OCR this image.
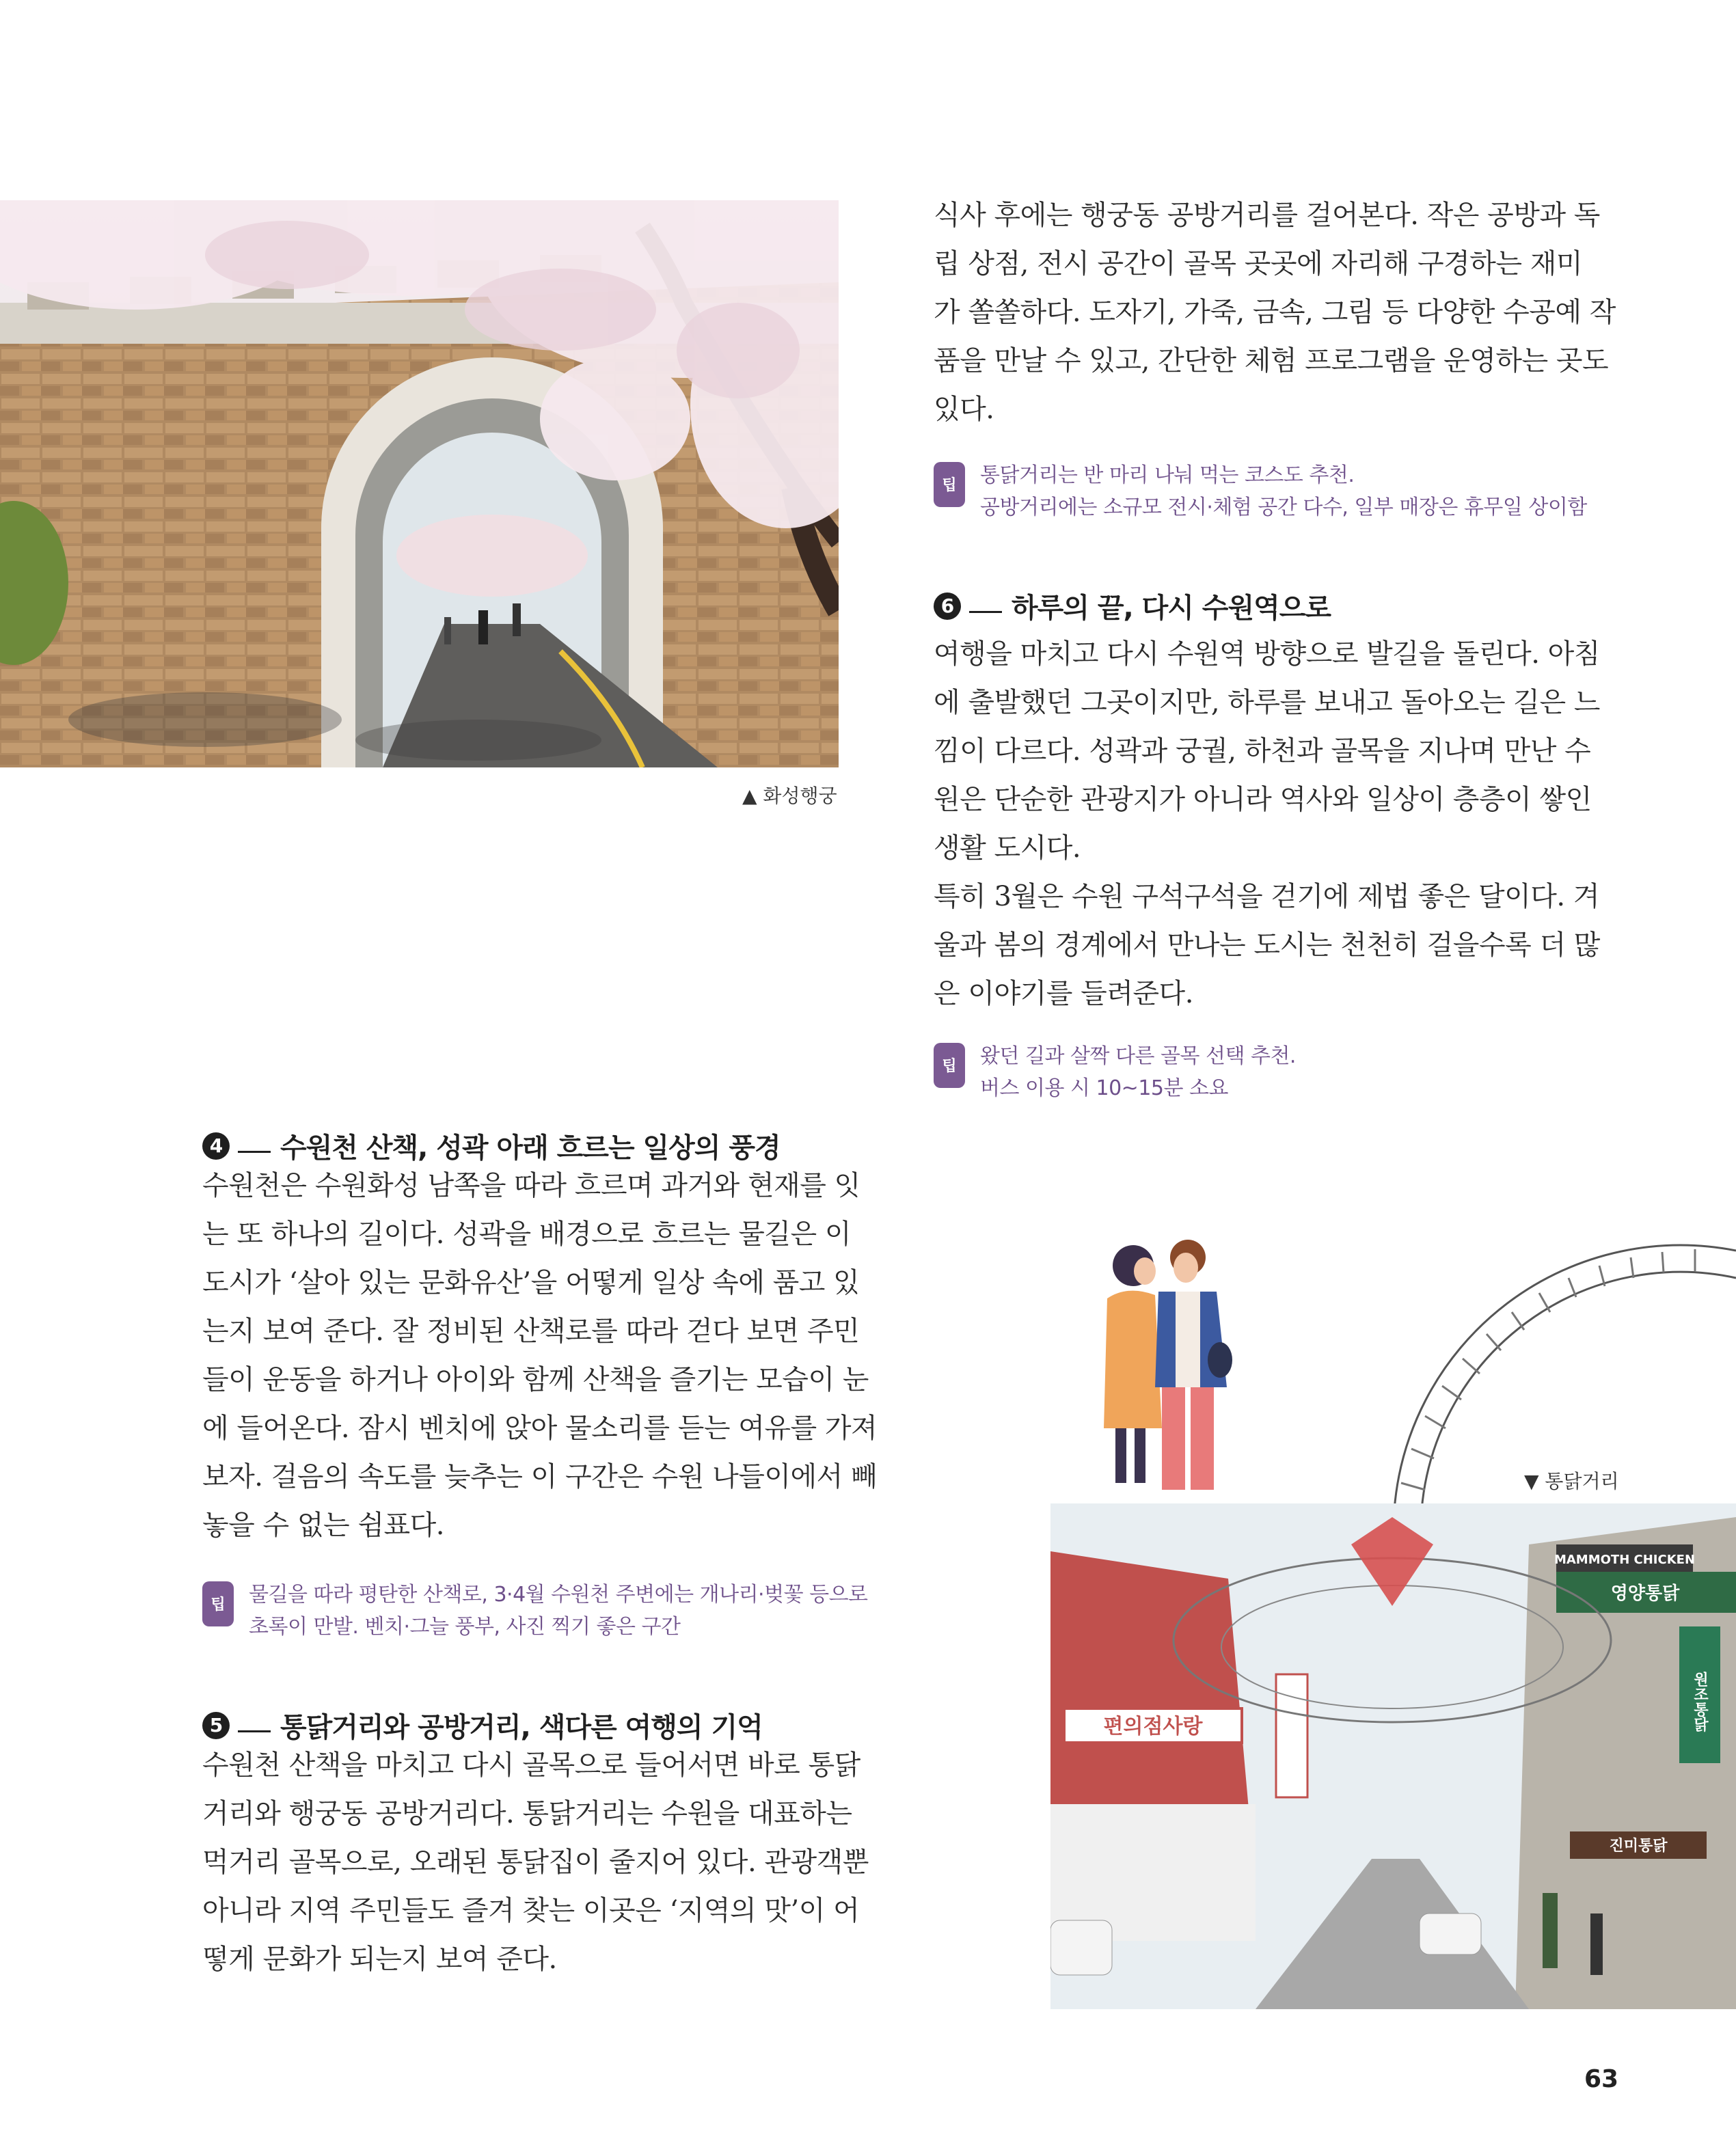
▲ 화성행궁
식사 후에는 행궁동 공방거리를 걸어본다. 작은 공방과 독
립 상점, 전시 공간이 골목 곳곳에 자리해 구경하는 재미
가 쏠쏠하다. 도자기, 가죽, 금속, 그림 등 다양한 수공예 작
품을 만날 수 있고, 간단한 체험 프로그램을 운영하는 곳도
있다.
팁 통닭거리는 반 마리 나눠 먹는 코스도 추천.
공방거리에는 소규모 전시·체험 공간 다수, 일부 매장은 휴무일 상이함
6 하루의 끝, 다시 수원역으로
여행을 마치고 다시 수원역 방향으로 발길을 돌린다. 아침
에 출발했던 그곳이지만, 하루를 보내고 돌아오는 길은 느
낌이 다르다. 성곽과 궁궐, 하천과 골목을 지나며 만난 수
원은 단순한 관광지가 아니라 역사와 일상이 층층이 쌓인
생활 도시다.
특히 3월은 수원 구석구석을 걷기에 제법 좋은 달이다. 겨
울과 봄의 경계에서 만나는 도시는 천천히 걸을수록 더 많
은 이야기를 들려준다.
팁 왔던 길과 살짝 다른 골목 선택 추천.
버스 이용 시 10~15분 소요
4 수원천 산책, 성곽 아래 흐르는 일상의 풍경
수원천은 수원화성 남쪽을 따라 흐르며 과거와 현재를 잇
는 또 하나의 길이다. 성곽을 배경으로 흐르는 물길은 이
도시가 ‘살아 있는 문화유산’을 어떻게 일상 속에 품고 있
는지 보여 준다. 잘 정비된 산책로를 따라 걷다 보면 주민
들이 운동을 하거나 아이와 함께 산책을 즐기는 모습이 눈
에 들어온다. 잠시 벤치에 앉아 물소리를 듣는 여유를 가져
보자. 걸음의 속도를 늦추는 이 구간은 수원 나들이에서 빼
놓을 수 없는 쉼표다.
팁 물길을 따라 평탄한 산책로, 3·4월 수원천 주변에는 개나리·벚꽃 등으로
초록이 만발. 벤치·그늘 풍부, 사진 찍기 좋은 구간
5 통닭거리와 공방거리, 색다른 여행의 기억
수원천 산책을 마치고 다시 골목으로 들어서면 바로 통닭
거리와 행궁동 공방거리다. 통닭거리는 수원을 대표하는
먹거리 골목으로, 오래된 통닭집이 줄지어 있다. 관광객뿐
아니라 지역 주민들도 즐겨 찾는 이곳은 ‘지역의 맛’이 어
떻게 문화가 되는지 보여 준다.
▼ 통닭거리
편의점사랑
영양통닭
MAMMOTH CHICKEN
원조통닭
진미통닭
63
